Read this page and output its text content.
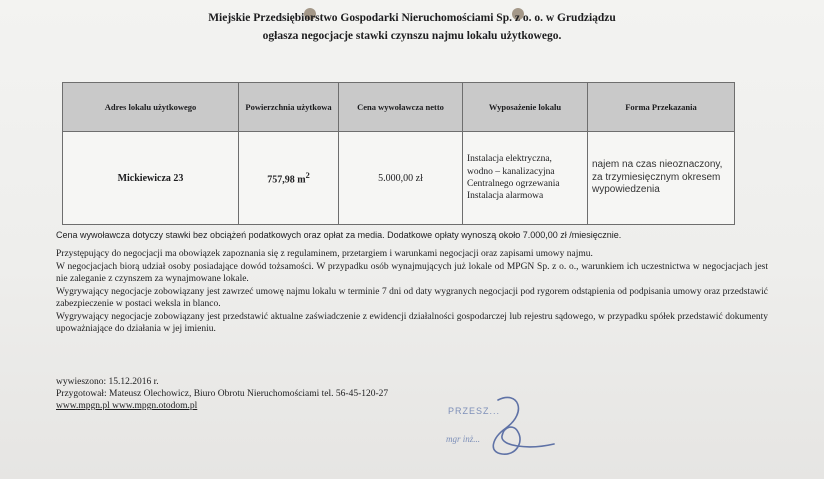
Miejskie Przedsiębiorstwo Gospodarki Nieruchomościami Sp. z o. o. w Grudziądzu
ogłasza negocjacje stawki czynszu najmu lokalu użytkowego.
Adres lokalu użytkowego	Powierzchnia użytkowa	Cena wywoławcza netto	Wyposażenie lokalu	Forma Przekazania
Mickiewicza 23	757,98 $m^2$	5.000,00 zł	Instalacja elektryczna,
wodno – kanalizacyjna
Centralnego ogrzewania
Instalacja alarmowa	najem na czas nieoznaczony, za trzymiesięcznym okresem wypowiedzenia
Cena wywoławcza dotyczy stawki bez obciążeń podatkowych oraz opłat za media. Dodatkowe opłaty wynoszą około 7.000,00 zł /miesięcznie.
Przystępujący do negocjacji ma obowiązek zapoznania się z regulaminem, przetargiem i warunkami negocjacji oraz zapisami umowy najmu.
W negocjacjach biorą udział osoby posiadające dowód tożsamości. W przypadku osób wynajmujących już lokale od MPGN Sp. z o. o., warunkiem ich uczestnictwa w negocjacjach jest nie zaleganie z czynszem za wynajmowane lokale.
Wygrywający negocjacje zobowiązany jest zawrzeć umowę najmu lokalu w terminie 7 dni od daty wygranych negocjacji pod rygorem odstąpienia od podpisania umowy oraz przedstawić zabezpieczenie w postaci weksla in blanco.
Wygrywający negocjacje zobowiązany jest przedstawić aktualne zaświadczenie z ewidencji działalności gospodarczej lub rejestru sądowego, w przypadku spółek przedstawić dokumenty upoważniające do działania w jej imieniu.
wywieszono: 15.12.2016 r.
Przygotował: Mateusz Olechowicz, Biuro Obrotu Nieruchomościami tel. 56-45-120-27
www.mpgn.pl www.mpgn.otodom.pl	PRZESZ...
mgr inż...
